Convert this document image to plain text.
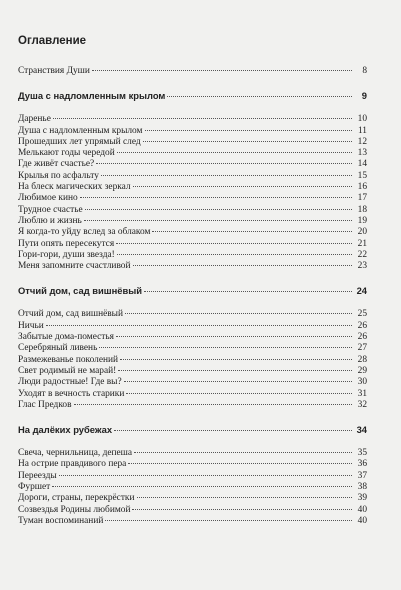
Оглавление
Странствия Души	8
Душа с надломленным крылом	9
Даренье	10
Душа с надломленным крылом	11
Прошедших лет упрямый след	12
Мелькают годы чередой	13
Где живёт счастье?	14
Крылья по асфальту	15
На блеск магических зеркал	16
Любимое кино	17
Трудное счастье	18
Люблю и жизнь	19
Я когда-то уйду вслед за облаком	20
Пути опять пересекутся	21
Гори-гори, души звезда!	22
Меня запомните счастливой	23
Отчий дом, сад вишнёвый	24
Отчий дом, сад вишнёвый	25
Ничьи	26
Забытые дома-поместья	26
Серебряный ливень	27
Размежеванье поколений	28
Свет родимый не марай!	29
Люди радостные! Где вы?	30
Уходят в вечность старики	31
Глас Предков	32
На далёких рубежах	34
Свеча, чернильница, депеша	35
На острие правдивого пера	36
Переезды	37
Фуршет	38
Дороги, страны, перекрёстки	39
Созвездья Родины любимой	40
Туман воспоминаний	40
